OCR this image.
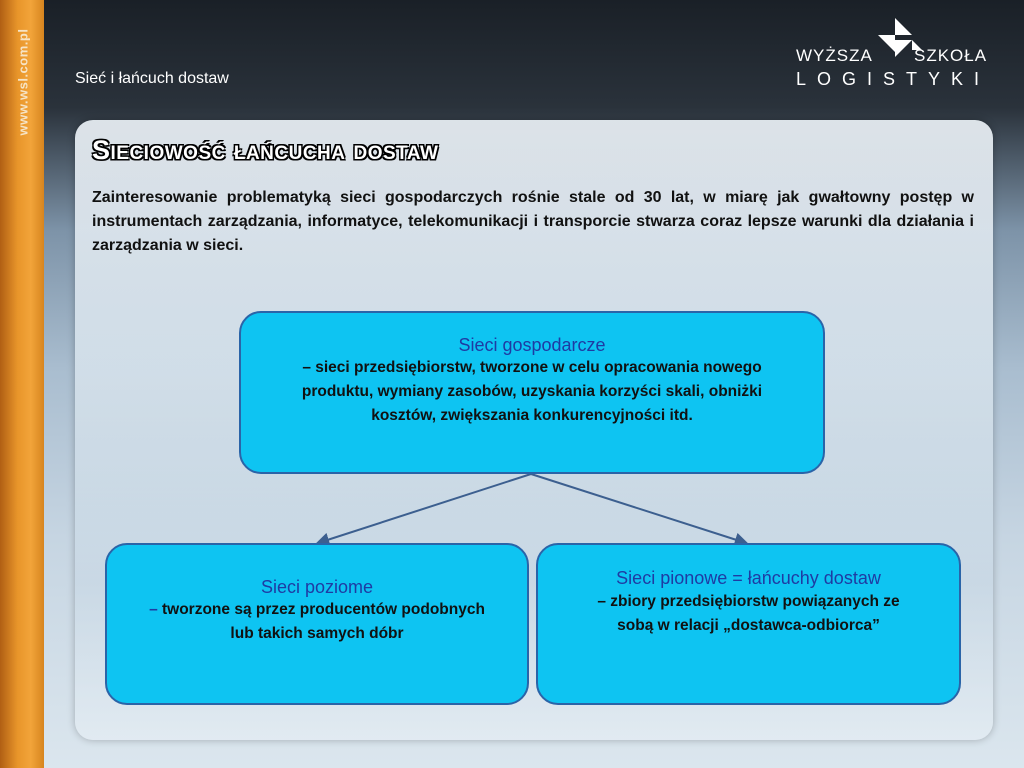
www.wsl.com.pl	Sieć i łańcuch dostaw
WYŻSZA SZKOŁA
LOGISTYKI
Sieciowość łańcucha dostaw
Zainteresowanie problematyką sieci gospodarczych rośnie stale od 30 lat, w miarę jak gwałtowny postęp w instrumentach zarządzania, informatyce, telekomunikacji i transporcie stwarza coraz lepsze warunki dla działania i zarządzania w sieci.
Sieci gospodarcze
– sieci przedsiębiorstw, tworzone w celu opracowania nowego produktu, wymiany zasobów, uzyskania korzyści skali, obniżki kosztów, zwiększania konkurencyjności itd.
Sieci poziome
– tworzone są przez producentów podobnych lub takich samych dóbr
Sieci pionowe = łańcuchy dostaw
– zbiory przedsiębiorstw powiązanych ze sobą w relacji „dostawca-odbiorca”
